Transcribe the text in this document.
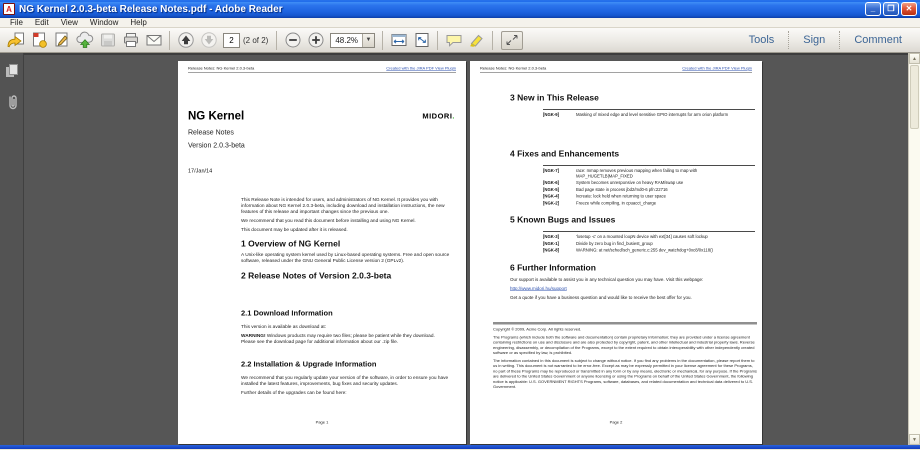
A NG Kernel 2.0.3-beta Release Notes.pdf - Adobe Reader	_	❐	✕
File	Edit	View	Window	Help
2
(2 of 2)	48.2%	▼	Tools	Sign	Comment
Release Notes: NG Kernel 2.0.3-beta	Created with the JIRA PDF View Plugin
NG Kernel	MIDORI.
Release Notes
Version 2.0.3-beta
17/Jan/14

This Release Note is intended for users, and administrators of NG Kernel. It provides you with information about NG Kernel 2.0.3-beta, including download and installation instructions, the new features of this release and important changes since the previous one.

We recommend that you read this document before installing and using NG Kernel.

This document may be updated after it is released.

1 Overview of NG Kernel

A Unix-like operating system kernel used by Linux-based operating systems. Free and open source software, released under the GNU General Public License version 2 (GPLv2).

2 Release Notes of Version 2.0.3-beta
2.1 Download Information

This version is available as download at:

WARNING! Windows products may require two files; please be patient while they download.
Please see the download page for additional information about our .zip file.

2.2 Installation & Upgrade Information

We recommend that you regularly update your version of the software, in order to ensure you have installed the latest features, improvements, bug fixes and security updates.

Further details of the upgrades can be found here:

Page 1
Release Notes: NG Kernel 2.0.3-beta	Created with the JIRA PDF View Plugin
3 New in This Release
[NGK-9]	Masking of mixed edge and level sensitive GPIO interrupts for arm orion platform
4 Fixes and Enhancements
[NGK-7]	race: mmap removes previous mapping when failing to map with MAP_HUGETLB|MAP_FIXED
[NGK-6]	System becomes unresponsive on heavy RAM/swap use
[NGK-5]	Bad page state in process jbd2/md0-6 pfn:22716
[NGK-4]	lvcreate: lock held when returning to user space
[NGK-2]	Freeze while compiling, in cpuacct_charge
5 Known Bugs and Issues
[NGK-3]	'losetup -c' on a mounted loopN device with ext[34] causes soft lockup
[NGK-1]	Divide by zero bug in find_busiest_group
[NGK-8]	WARNING: at net/sched/sch_generic.c:255 dev_watchdog+0xc8/0x118()
6 Further Information
Our support is available to assist you in any technical question you may have. Visit this webpage:
http://www.midori.hu/support
Get a quote if you have a business question and would like to receive the best offer for you.

Copyright © 2009, Acme Corp. All rights reserved.

The Programs (which include both the software and documentation) contain proprietary information; they are provided under a license agreement containing restrictions on use and disclosure and are also protected by copyright, patent, and other intellectual and industrial property laws. Reverse engineering, disassembly, or decompilation of the Programs, except to the extent required to obtain interoperability with other independently created software or as specified by law, is prohibited.

The information contained in this document is subject to change without notice. If you find any problems in the documentation, please report them to us in writing. This document is not warranted to be error-free. Except as may be expressly permitted in your license agreement for these Programs, no part of these Programs may be reproduced or transmitted in any form or by any means, electronic or mechanical, for any purpose. If the Programs are delivered to the United States Government or anyone licensing or using the Programs on behalf of the United States Government, the following notice is applicable: U.S. GOVERNMENT RIGHTS Programs, software, databases, and related documentation and technical data delivered to U.S. Government.

Page 2
▲
▼
